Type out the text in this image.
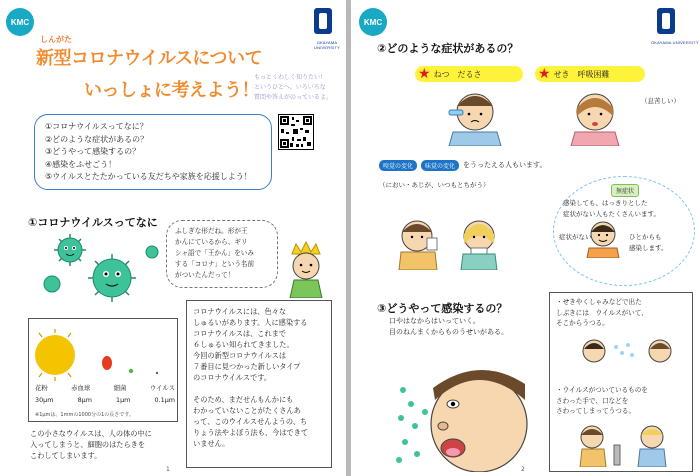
KMC
OKAYAMA UNIVERSITY
しんがた
新型コロナウイルスについて
いっしょに考えよう！
もっとくわしく知りたい！
というひとへ。いろいろな
質問や答えがのっているよ。
①コロナウイルスってなに？
②どのような症状があるの？
③どうやって感染するの？
④感染をふせごう！
⑤ウイルスとたたかっている友だちや家族を応援しよう！
①コロナウイルスってなに
ふしぎな形だね。形が王
かんにているから、ギリ
シャ語で「王かん」をいみ
する「コロナ」という名前
がついたんだって！
花粉	赤血球	細菌	ウイルス
30μm	8μm	1μm	0.1μm
※1μmは、1mmの1000分の1の長さです。
この小さなウイルスは、人の体の中に
入ってしまうと、細胞のはたらきを
こわしてしまいます。
コロナウイルスには、色々な
しゅるいがあります。人に感染する
コロナウイルスは、これまで
６しゅるい知られてきました。
今回の新型コロナウイルスは
７番目に見つかった新しいタイプ
のコロナウイルスです。
そのため、まだせんもんかにも
わかっていないことがたくさんあ
って、このウイルスせんようの、ち
りょう法やよぼう法も、今はできて
いません。
1
KMC
OKAYAMA UNIVERSITY
②どのような症状があるの？
★ ねつ　だるさ	★ せき　呼吸困難
（息苦しい）
嗅覚の変化	味覚の変化	をうったえる人もいます。
（におい・あじが、いつもとちがう）
無症状
感染しても、はっきりとした
症状がない人もたくさんいます。
症状がない	ひとからも
感染します。
③どうやって感染するの？
口やはなからはいっていく。
目のねんまくからものうせいがある。
・せきやくしゃみなどで出た
しぶきには　ウイルスがいて、
そこからうつる。
・ウイルスがついているものを
さわった手で、口などを
さわってしまってうつる。
2
